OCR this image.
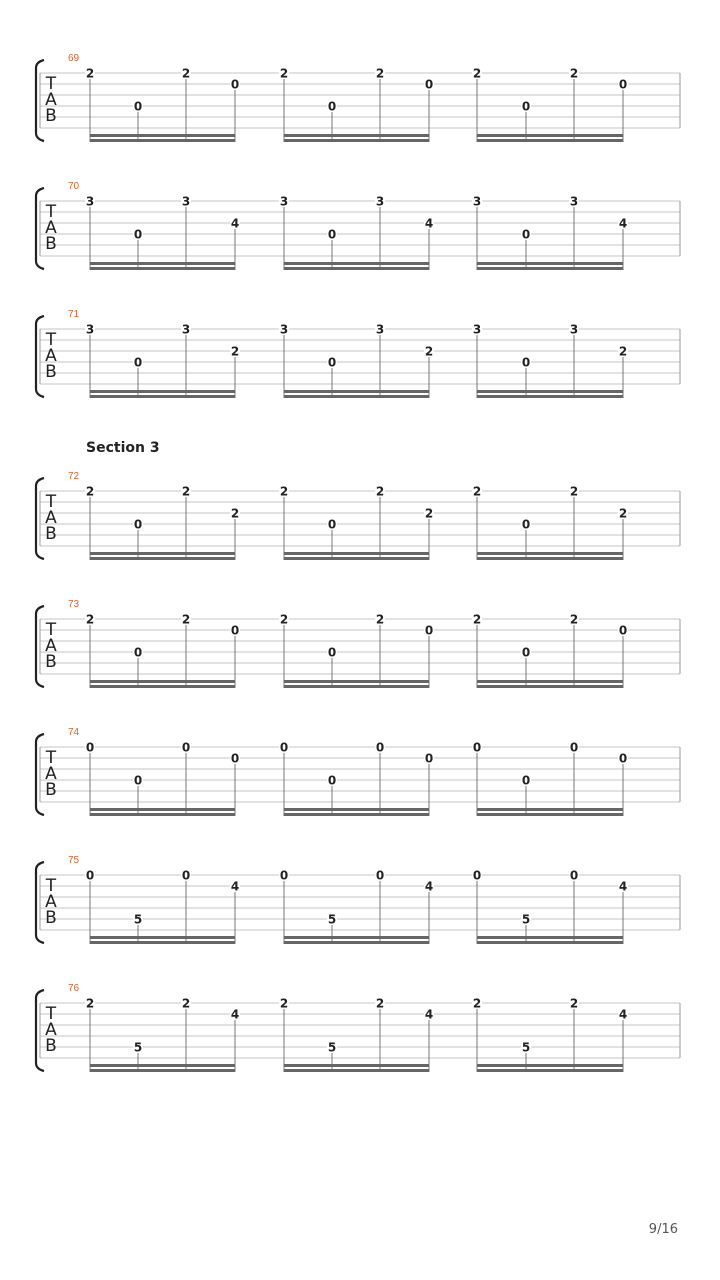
T
A
B
69
2
0
2
0
2
0
2
0
2
0
2
0
T
A
B
70
3
0
3
4
3
0
3
4
3
0
3
4
T
A
B
71
3
0
3
2
3
0
3
2
3
0
3
2
T
A
B
72
2
0
2
2
2
0
2
2
2
0
2
2
T
A
B
73
2
0
2
0
2
0
2
0
2
0
2
0
T
A
B
74
0
0
0
0
0
0
0
0
0
0
0
0
T
A
B
75
0
5
0
4
0
5
0
4
0
5
0
4
T
A
B
76
2
5
2
4
2
5
2
4
2
5
2
4
Section 3
9/16
